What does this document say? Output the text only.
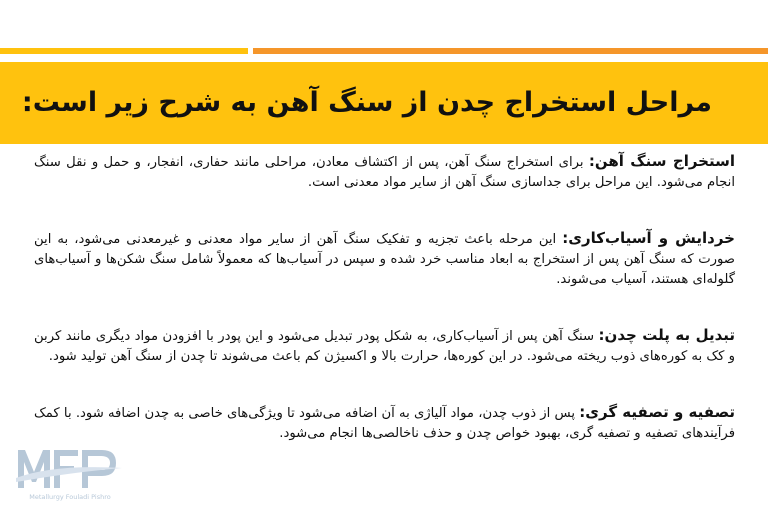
مراحل استخراج چدن از سنگ آهن به شرح زیر است:

استخراج سنگ آهن: برای استخراج سنگ آهن، پس از اکتشاف معادن، مراحلی مانند حفاری، انفجار، و حمل و نقل سنگ انجام می‌شود. این مراحل برای جداسازی سنگ آهن از سایر مواد معدنی است.

خردایش و آسیاب‌کاری: این مرحله باعث تجزیه و تفکیک سنگ آهن از سایر مواد معدنی و غیرمعدنی می‌شود، به این صورت که سنگ آهن پس از استخراج به ابعاد مناسب خرد شده و سپس در آسیاب‌ها که معمولاً شامل سنگ شکن‌ها و آسیاب‌های گلوله‌ای هستند، آسیاب می‌شوند.

تبدیل به پلت چدن: سنگ آهن پس از آسیاب‌کاری، به شکل پودر تبدیل می‌شود و این پودر با افزودن مواد دیگری مانند کربن و کک به کوره‌های ذوب ریخته می‌شود. در این کوره‌ها، حرارت بالا و اکسیژن کم باعث می‌شوند تا چدن از سنگ آهن تولید شود.

تصفیه و تصفیه گری: پس از ذوب چدن، مواد آلیاژی به آن اضافه می‌شود تا ویژگی‌های خاصی به چدن اضافه شود. با کمک فرآیندهای تصفیه و تصفیه گری، بهبود خواص چدن و حذف ناخالصی‌ها انجام می‌شود.

Metallurgy Fouladi Pishro
